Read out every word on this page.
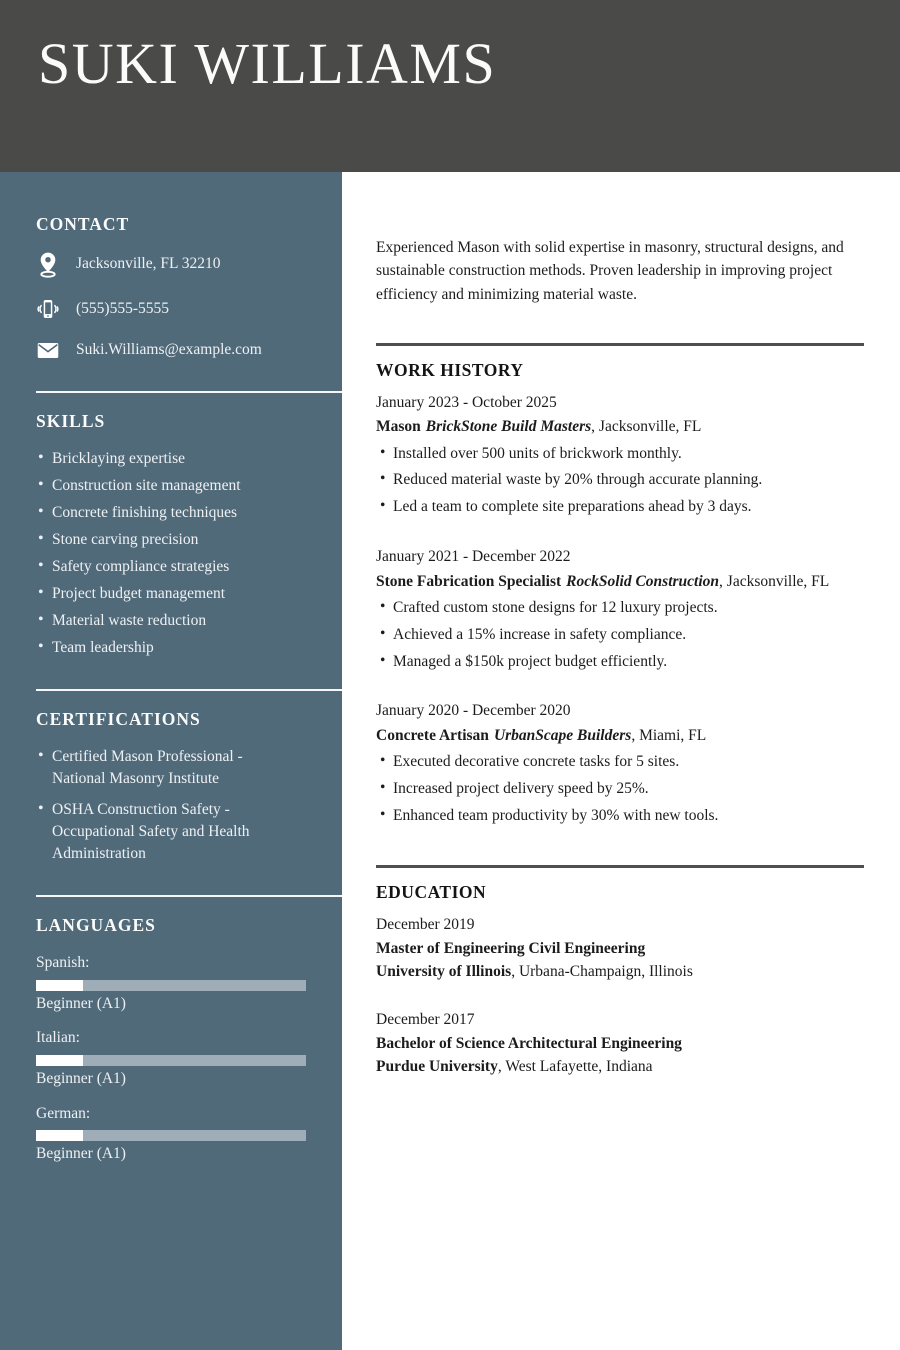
SUKI WILLIAMS
CONTACT
Jacksonville, FL 32210
(555)555-5555
Suki.Williams@example.com
SKILLS
• Bricklaying expertise
• Construction site management
• Concrete finishing techniques
• Stone carving precision
• Safety compliance strategies
• Project budget management
• Material waste reduction
• Team leadership
CERTIFICATIONS
• Certified Mason Professional - National Masonry Institute
• OSHA Construction Safety - Occupational Safety and Health Administration
LANGUAGES
Spanish:
Beginner (A1)
Italian:
Beginner (A1)
German:
Beginner (A1)

Experienced Mason with solid expertise in masonry, structural designs, and sustainable construction methods. Proven leadership in improving project efficiency and minimizing material waste.

WORK HISTORY
January 2023 - October 2025
Mason BrickStone Build Masters, Jacksonville, FL
• Installed over 500 units of brickwork monthly.
• Reduced material waste by 20% through accurate planning.
• Led a team to complete site preparations ahead by 3 days.
January 2021 - December 2022
Stone Fabrication Specialist RockSolid Construction, Jacksonville, FL
• Crafted custom stone designs for 12 luxury projects.
• Achieved a 15% increase in safety compliance.
• Managed a $150k project budget efficiently.
January 2020 - December 2020
Concrete Artisan UrbanScape Builders, Miami, FL
• Executed decorative concrete tasks for 5 sites.
• Increased project delivery speed by 25%.
• Enhanced team productivity by 30% with new tools.
EDUCATION
December 2019
Master of Engineering Civil Engineering
University of Illinois, Urbana-Champaign, Illinois
December 2017
Bachelor of Science Architectural Engineering
Purdue University, West Lafayette, Indiana
